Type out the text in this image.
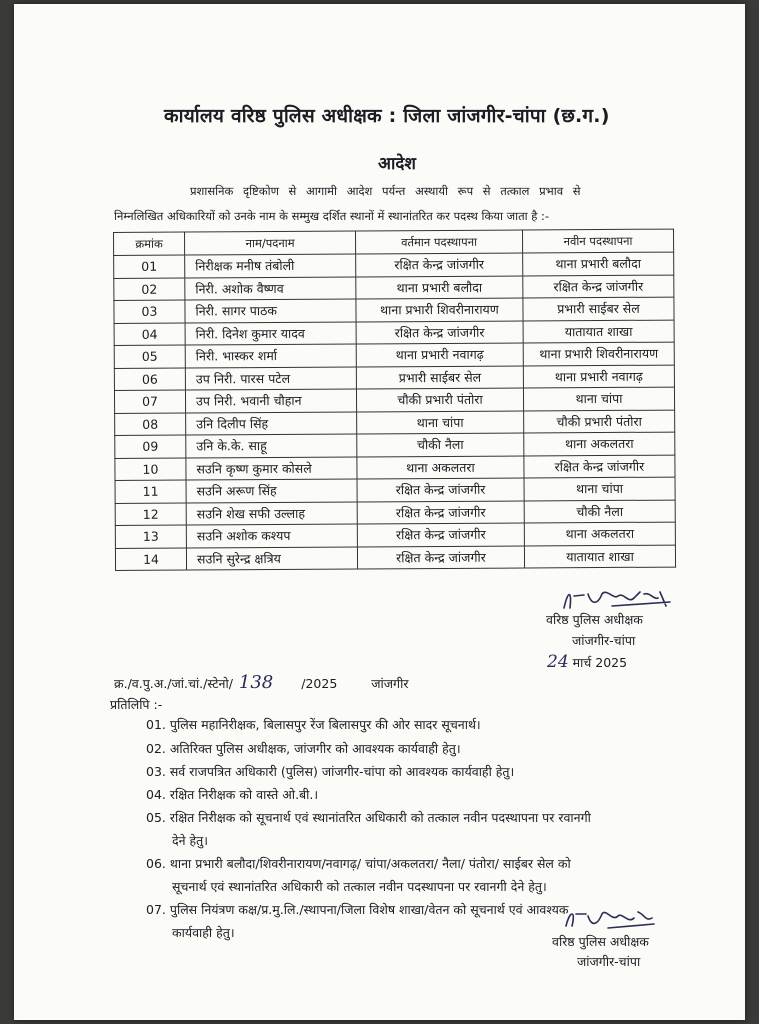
कार्यालय वरिष्ठ पुलिस अधीक्षक : जिला जांजगीर-चांपा (छ.ग.)
आदेश
प्रशासनिक दृष्टिकोण से आगामी आदेश पर्यन्त अस्थायी रूप से तत्काल प्रभाव से
निम्नलिखित अधिकारियों को उनके नाम के सम्मुख दर्शित स्थानों में स्थानांतरित कर पदस्थ किया जाता है :-
क्रमांक	नाम/पदनाम	वर्तमान पदस्थापना	नवीन पदस्थापना
01	निरीक्षक मनीष तंबोली	रक्षित केन्द्र जांजगीर	थाना प्रभारी बलौदा
02	निरी. अशोक वैष्णव	थाना प्रभारी बलौदा	रक्षित केन्द्र जांजगीर
03	निरी. सागर पाठक	थाना प्रभारी शिवरीनारायण	प्रभारी साईबर सेल
04	निरी. दिनेश कुमार यादव	रक्षित केन्द्र जांजगीर	यातायात शाखा
05	निरी. भास्कर शर्मा	थाना प्रभारी नवागढ़	थाना प्रभारी शिवरीनारायण
06	उप निरी. पारस पटेल	प्रभारी साईबर सेल	थाना प्रभारी नवागढ़
07	उप निरी. भवानी चौहान	चौकी प्रभारी पंतोरा	थाना चांपा
08	उनि दिलीप सिंह	थाना चांपा	चौकी प्रभारी पंतोरा
09	उनि के.के. साहू	चौकी नैला	थाना अकलतरा
10	सउनि कृष्ण कुमार कोसले	थाना अकलतरा	रक्षित केन्द्र जांजगीर
11	सउनि अरूण सिंह	रक्षित केन्द्र जांजगीर	थाना चांपा
12	सउनि शेख सफी उल्लाह	रक्षित केन्द्र जांजगीर	चौकी नैला
13	सउनि अशोक कश्यप	रक्षित केन्द्र जांजगीर	थाना अकलतरा
14	सउनि सुरेन्द्र क्षत्रिय	रक्षित केन्द्र जांजगीर	यातायात शाखा
वरिष्ठ पुलिस अधीक्षक
जांजगीर-चांपा
24 मार्च 2025
क्र./व.पु.अ./जां.चां./स्टेनो/ 138 /2025	जांजगीर
प्रतिलिपि :-
01. पुलिस महानिरीक्षक, बिलासपुर रेंज बिलासपुर की ओर सादर सूचनार्थ।
02. अतिरिक्त पुलिस अधीक्षक, जांजगीर को आवश्यक कार्यवाही हेतु।
03. सर्व राजपत्रित अधिकारी (पुलिस) जांजगीर-चांपा को आवश्यक कार्यवाही हेतु।
04. रक्षित निरीक्षक को वास्ते ओ.बी.।
05. रक्षित निरीक्षक को सूचनार्थ एवं स्थानांतरित अधिकारी को तत्काल नवीन पदस्थापना पर रवानगी
देने हेतु।
06. थाना प्रभारी बलौदा/शिवरीनारायण/नवागढ़/ चांपा/अकलतरा/ नैला/ पंतोरा/ साईबर सेल को
सूचनार्थ एवं स्थानांतरित अधिकारी को तत्काल नवीन पदस्थापना पर रवानगी देने हेतु।
07. पुलिस नियंत्रण कक्ष/प्र.मु.लि./स्थापना/जिला विशेष शाखा/वेतन को सूचनार्थ एवं आवश्यक
कार्यवाही हेतु।
वरिष्ठ पुलिस अधीक्षक
जांजगीर-चांपा
